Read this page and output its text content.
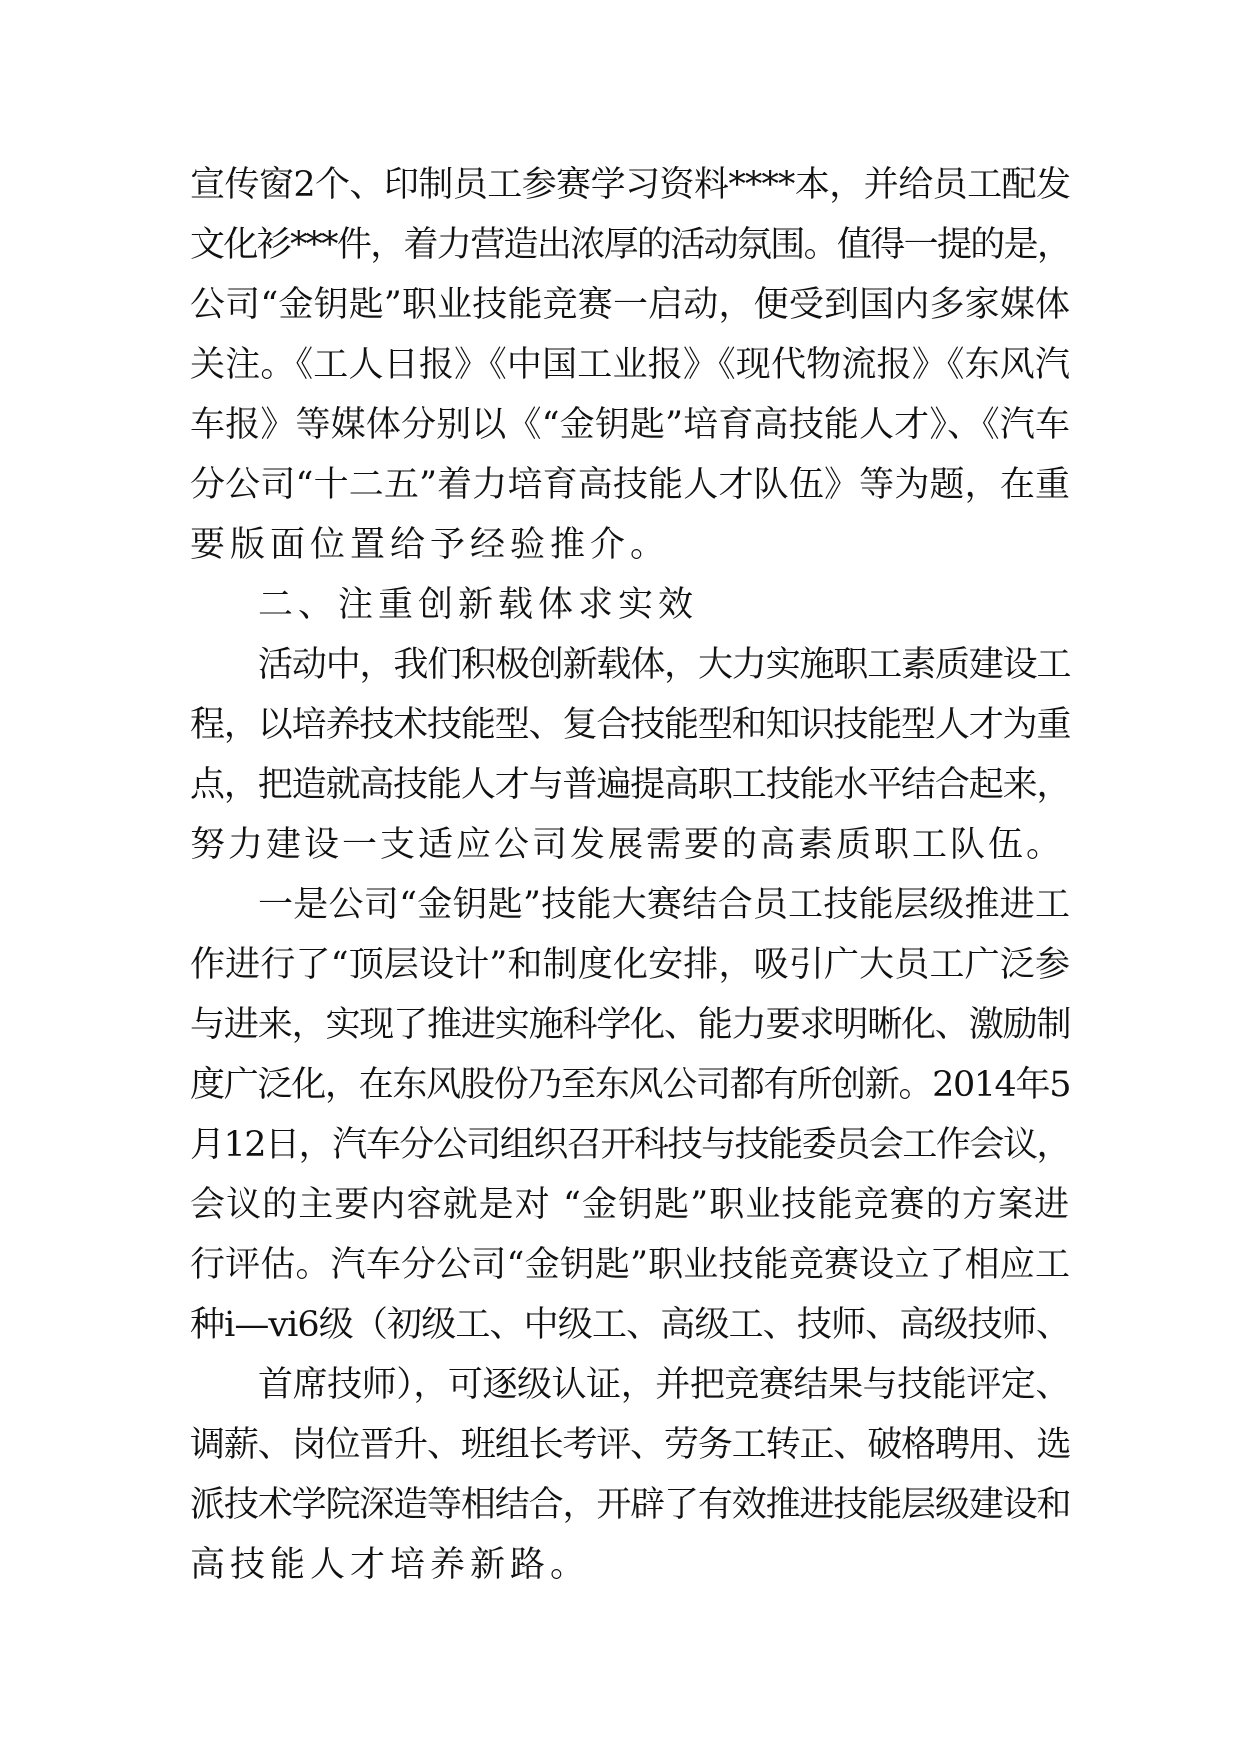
宣传窗2个、印制员工参赛学习资料****本，并给员工配发
文化衫***件，着力营造出浓厚的活动氛围。值得一提的是，
公司“金钥匙”职业技能竞赛一启动，便受到国内多家媒体
关注。《工人日报》《中国工业报》《现代物流报》《东风汽
车报》等媒体分别以《“金钥匙”培育高技能人才》、《汽车
分公司“十二五”着力培育高技能人才队伍》等为题，在重
要版面位置给予经验推介。
二、注重创新载体求实效
活动中，我们积极创新载体，大力实施职工素质建设工
程，以培养技术技能型、复合技能型和知识技能型人才为重
点，把造就高技能人才与普遍提高职工技能水平结合起来，
努力建设一支适应公司发展需要的高素质职工队伍。
一是公司“金钥匙”技能大赛结合员工技能层级推进工
作进行了“顶层设计”和制度化安排，吸引广大员工广泛参
与进来，实现了推进实施科学化、能力要求明晰化、激励制
度广泛化，在东风股份乃至东风公司都有所创新。2014年5
月12日，汽车分公司组织召开科技与技能委员会工作会议，
会议的主要内容就是对 “金钥匙”职业技能竞赛的方案进
行评估。汽车分公司“金钥匙”职业技能竞赛设立了相应工
种i—vi6级（初级工、中级工、高级工、技师、高级技师、
首席技师），可逐级认证，并把竞赛结果与技能评定、
调薪、岗位晋升、班组长考评、劳务工转正、破格聘用、选
派技术学院深造等相结合，开辟了有效推进技能层级建设和
高技能人才培养新路。
